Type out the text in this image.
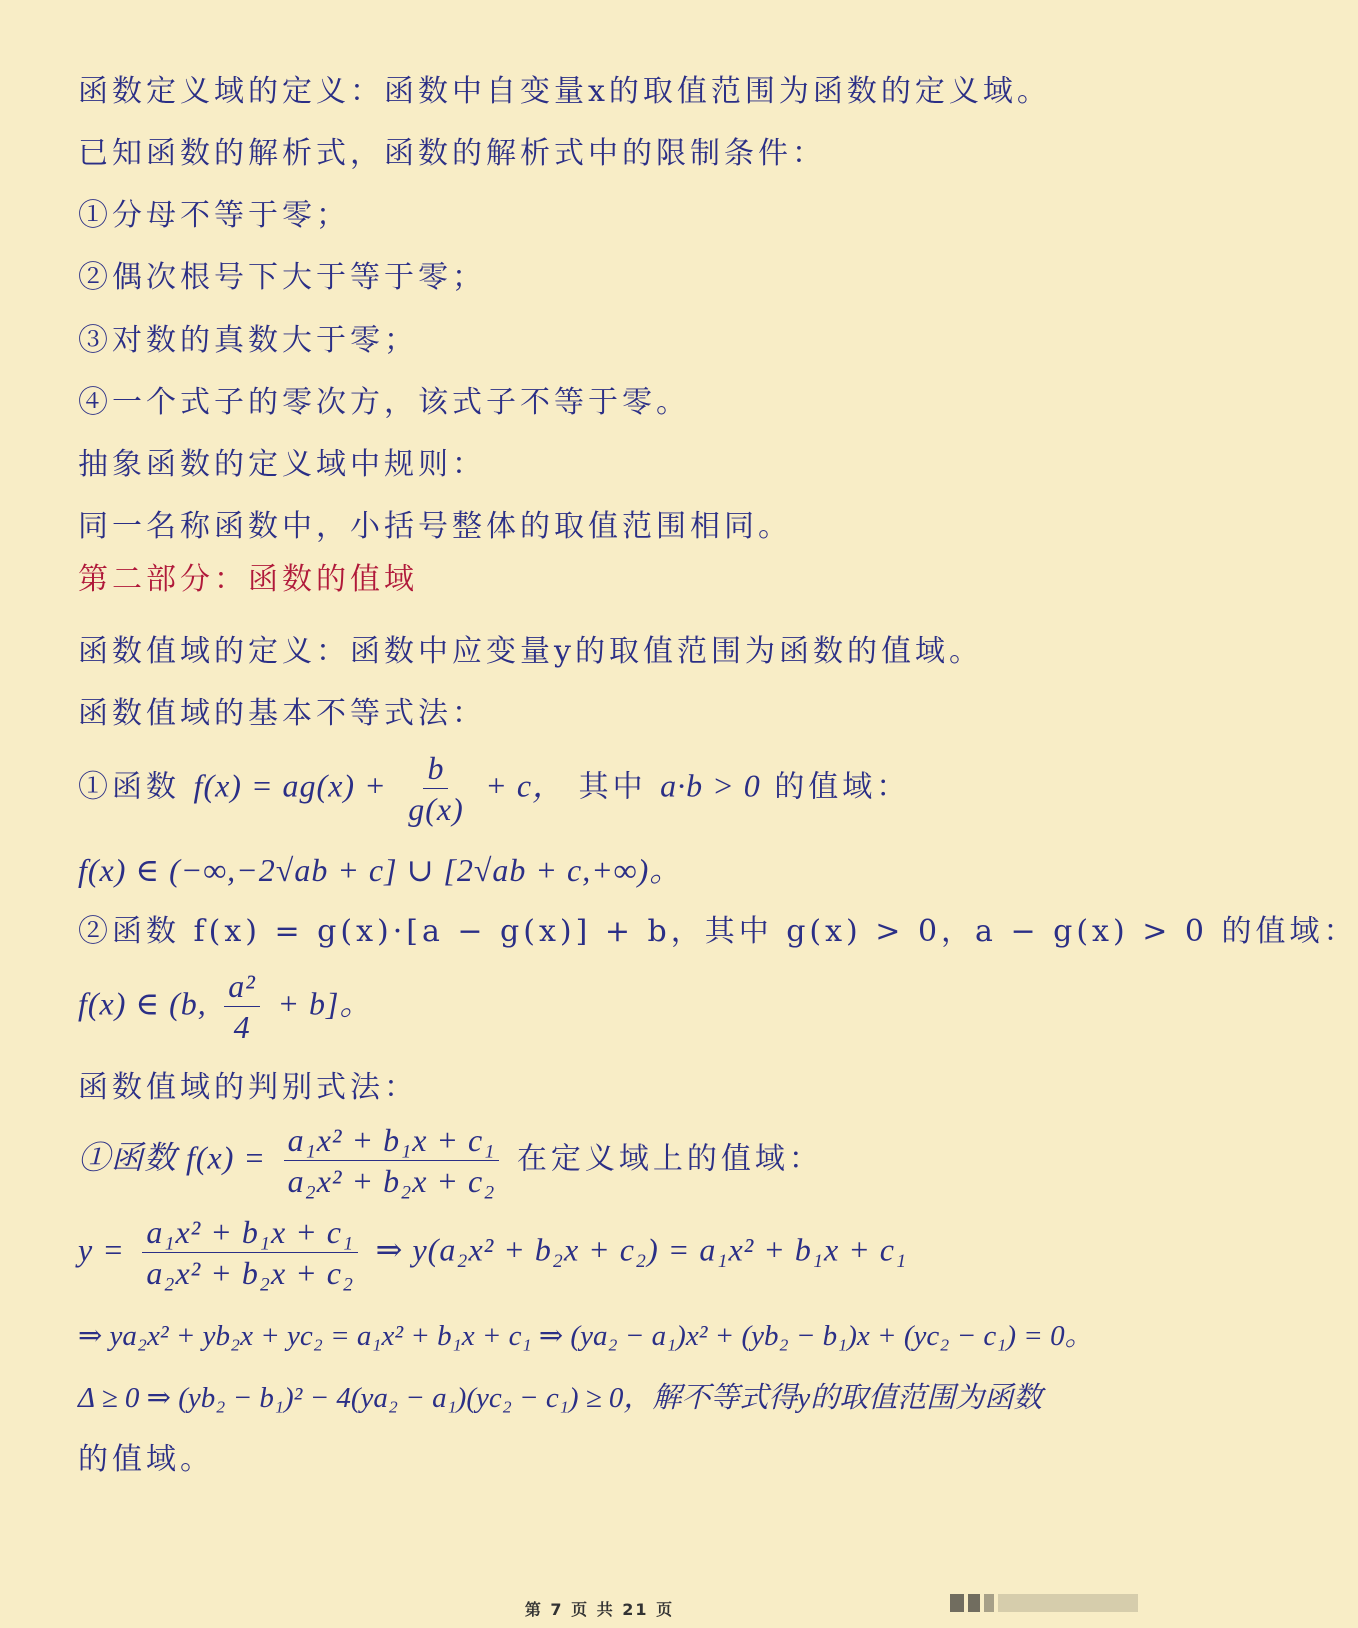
函数定义域的定义：函数中自变量x的取值范围为函数的定义域。
已知函数的解析式，函数的解析式中的限制条件：
①分母不等于零；
②偶次根号下大于等于零；
③对数的真数大于零；
④一个式子的零次方，该式子不等于零。
抽象函数的定义域中规则：
同一名称函数中，小括号整体的取值范围相同。
第二部分：函数的值域
函数值域的定义：函数中应变量y的取值范围为函数的值域。
函数值域的基本不等式法：
①函数 $f(x) = ag(x) + \frac{b}{g(x)} + c$， 其中 a·b > 0 的值域：
f(x) ∈ (−∞,−2√ab + c] ∪ [2√ab + c,+∞)。
②函数 f(x) = g(x)·[a − g(x)] + b，其中 g(x) > 0，a − g(x) > 0 的值域：
f(x) ∈ (b, $\frac{\text{a²}}{4} + b$]。
函数值域的判别式法：
①函数 $f(x) = \frac{\text{a₁x² + b₁x + c₁}}{\text{a₂x² + b₂x + c₂}}$ 在定义域上的值域：
$y = \frac{\text{a₁x² + b₁x + c₁}}{\text{a₂x² + b₂x + c₂}}$ ⇒ y(a₂x² + b₂x + c₂) = a₁x² + b₁x + c₁
⇒ ya₂x² + yb₂x + yc₂ = a₁x² + b₁x + c₁ ⇒ (ya₂ − a₁)x² + (yb₂ − b₁)x + (yc₂ − c₁) = 0。
Δ ≥ 0 ⇒ (yb₂ − b₁)² − 4(ya₂ − a₁)(yc₂ − c₁) ≥ 0，解不等式得y的取值范围为函数
的值域。
第 7 页 共 21 页
